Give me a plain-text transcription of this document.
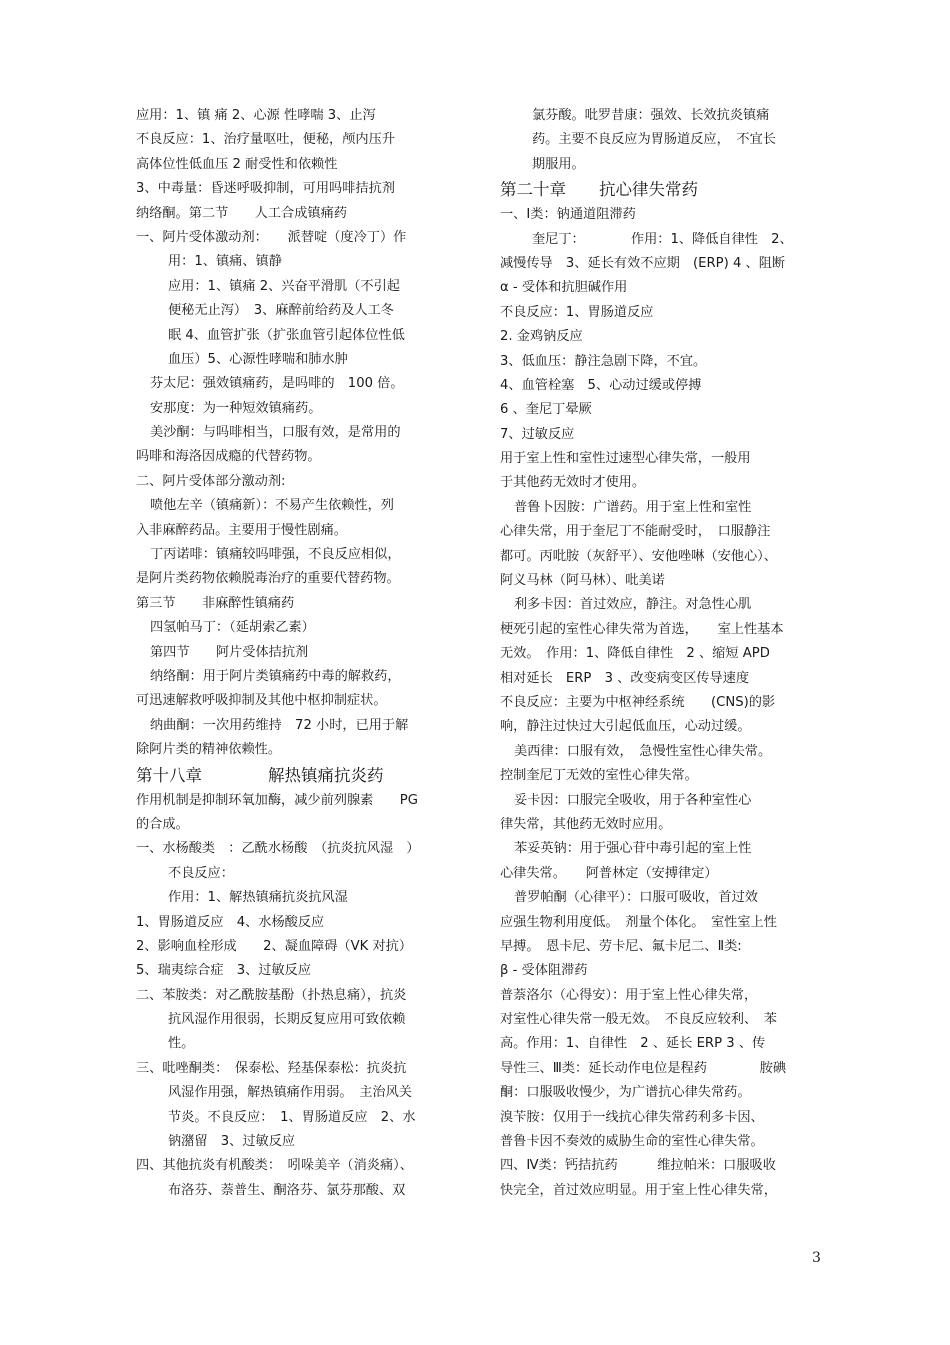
应用：1、镇 痛 2、心源 性哮喘 3、止泻
不良反应：1、治疗量呕吐，便秘，颅内压升
高体位性低血压 2 耐受性和依赖性
3、中毒量：昏迷呼吸抑制，可用吗啡拮抗剂
纳络酮。第二节　　人工合成镇痛药
一、阿片受体激动剂：　　派替啶（度冷丁）作
用：1、镇痛、镇静
应用：1、镇痛 2、兴奋平滑肌（不引起
便秘无止泻）　3、麻醉前给药及人工冬
眠 4、血管扩张（扩张血管引起体位性低
血压）5、心源性哮喘和肺水肿
芬太尼：强效镇痛药，是吗啡的　100 倍。
安那度：为一种短效镇痛药。
美沙酮：与吗啡相当，口服有效，是常用的
吗啡和海洛因成瘾的代替药物。
二、阿片受体部分激动剂:
喷他左辛（镇痛新）：不易产生依赖性，列
入非麻醉药品。主要用于慢性剧痛。
丁丙诺啡：镇痛较吗啡强，不良反应相似，
是阿片类药物依赖脱毒治疗的重要代替药物。
第三节　　非麻醉性镇痛药
四氢帕马丁：（延胡索乙素）
第四节　　阿片受体拮抗剂
纳络酮：用于阿片类镇痛药中毒的解救药，
可迅速解救呼吸抑制及其他中枢抑制症状。
纳曲酮：一次用药维持　72 小时，已用于解
除阿片类的精神依赖性。
第十八章　　　　解热镇痛抗炎药
作用机制是抑制环氧加酶，减少前列腺素　　PG
的合成。
一、水杨酸类　：乙酰水杨酸　（抗炎抗风湿　）
不良反应：
作用：1、解热镇痛抗炎抗风湿
1、胃肠道反应　4、水杨酸反应
2、影响血栓形成　　2、凝血障碍（VK 对抗）
5、瑞夷综合症　3、过敏反应
二、苯胺类：对乙酰胺基酚（扑热息痛），抗炎
抗风湿作用很弱，长期反复应用可致依赖
性。
三、吡唑酮类：　保泰松、羟基保泰松：抗炎抗
风湿作用强，解热镇痛作用弱。　主治风关
节炎。不良反应：　1、胃肠道反应　2、水
钠潴留　3、过敏反应
四、其他抗炎有机酸类：　吲哚美辛（消炎痛）、
布洛芬、萘普生、酮洛芬、氯芬那酸、双
氯芬酸。吡罗昔康：强效、长效抗炎镇痛
药。主要不良反应为胃肠道反应，　不宜长
期服用。
第二十章　　抗心律失常药
一、Ⅰ类：钠通道阻滞药
奎尼丁：　　　　作用：1、降低自律性　2、
减慢传导　3、延长有效不应期　(ERP) 4 、阻断
α - 受体和抗胆碱作用
不良反应：1、胃肠道反应
2. 金鸡钠反应
3、低血压：静注急剧下降，不宜。
4、血管栓塞　5、心动过缓或停搏
6 、奎尼丁晕厥
7、过敏反应
用于室上性和室性过速型心律失常，一般用
于其他药无效时才使用。
普鲁卜因胺：广谱药。用于室上性和室性
心律失常，用于奎尼丁不能耐受时，　口服静注
都可。丙吡胺（灰舒平）、安他唑啉（安他心）、
阿义马林（阿马林）、吡美诺
利多卡因：首过效应，静注。对急性心肌
梗死引起的室性心律失常为首选，　　室上性基本
无效。　作用：1、降低自律性　2 、缩短 APD
相对延长　ERP　3 、改变病变区传导速度
不良反应：主要为中枢神经系统　　(CNS)的影
响，静注过快过大引起低血压，心动过缓。
美西律：口服有效，　急慢性室性心律失常。
控制奎尼丁无效的室性心律失常。
妥卡因：口服完全吸收，用于各种室性心
律失常，其他药无效时应用。
苯妥英钠：用于强心苷中毒引起的室上性
心律失常。　　阿普林定（安搏律定）
普罗帕酮（心律平）：口服可吸收，首过效
应强生物利用度低。　剂量个体化。　室性室上性
早搏。　恩卡尼、劳卡尼、氟卡尼二、Ⅱ类:
β - 受体阻滞药
普萘洛尔（心得安）：用于室上性心律失常，
对室性心律失常一般无效。　不良反应较利、　苯
高。作用：1、自律性　2 、延长 ERP 3 、传
导性三、Ⅲ类：延长动作电位是程药　　　　胺碘
酮：口服吸收慢少，为广谱抗心律失常药。
溴苄胺：仅用于一线抗心律失常药利多卡因、
普鲁卡因不奏效的威胁生命的室性心律失常。
四、Ⅳ类：钙拮抗药　　　维拉帕米：口服吸收
快完全，首过效应明显。用于室上性心律失常，
3
